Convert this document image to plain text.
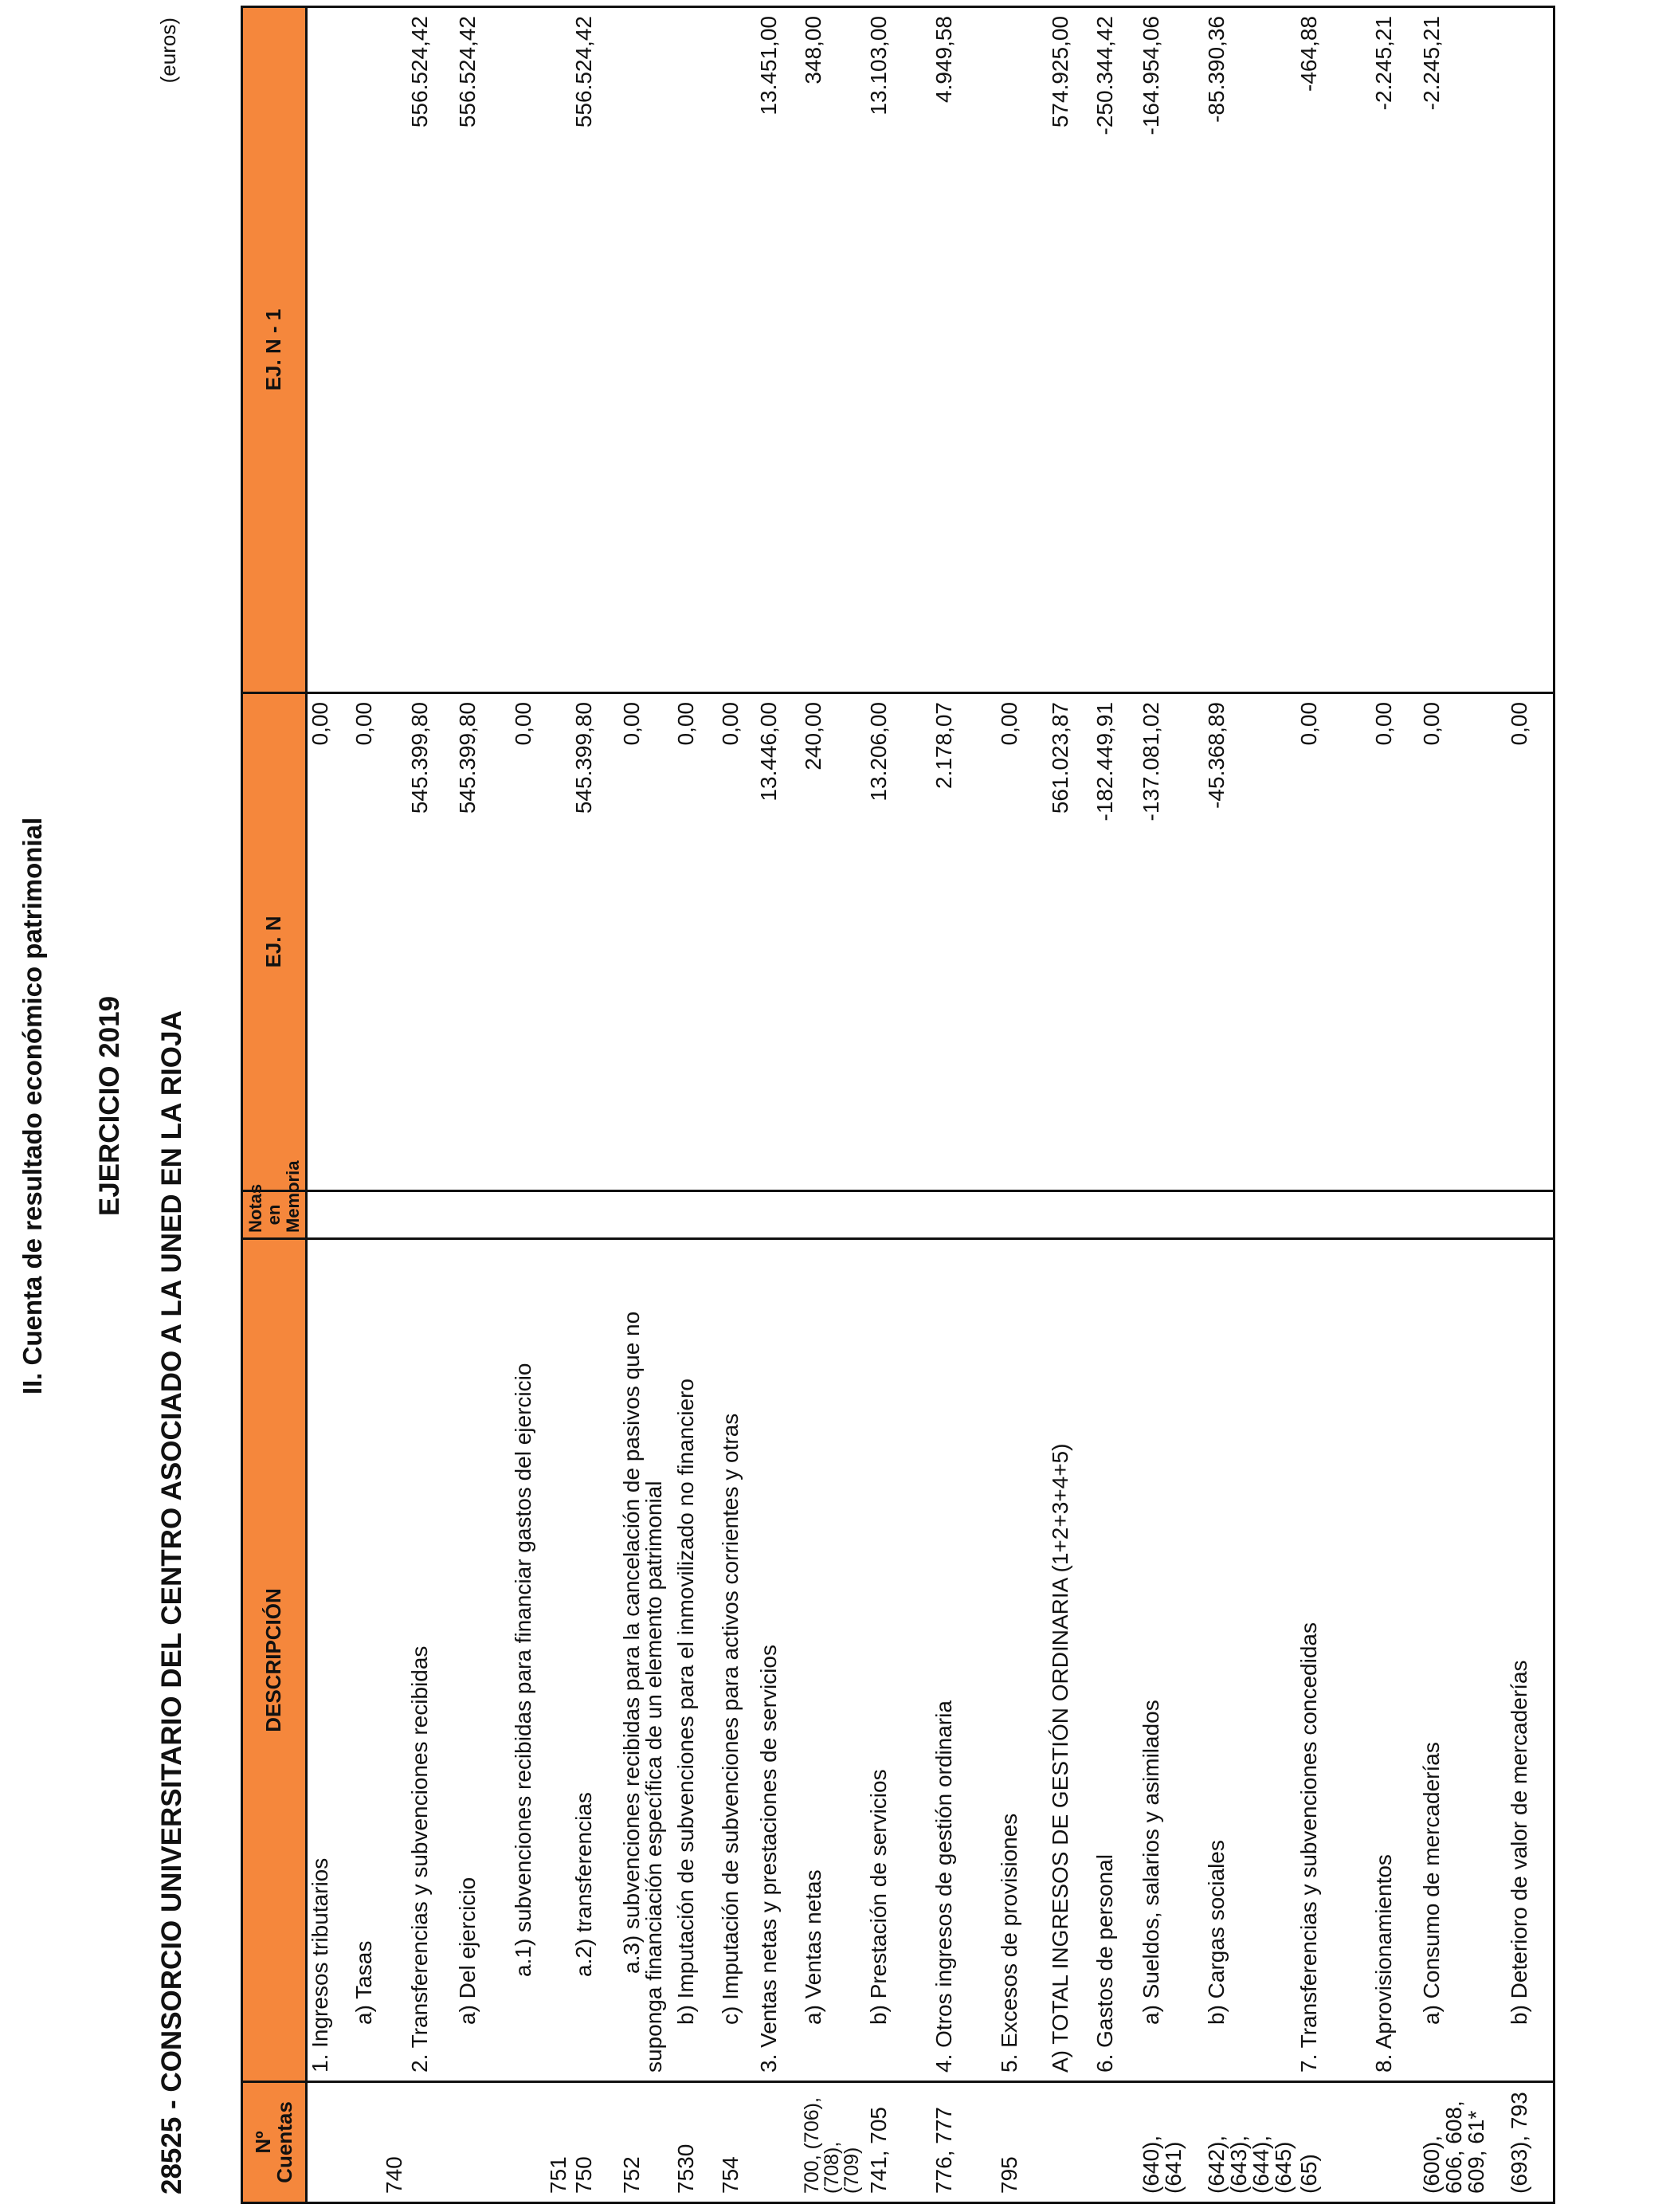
II. Cuenta de resultado económico patrimonial EJERCICIO 2019 28525 - CONSORCIO UNIVERSITARIO DEL CENTRO ASOCIADO A LA UNED EN LA RIOJA
(euros)
Nº Cuentas	DESCRIPCIÓN	Notas en Memoria	EJ. N	EJ. N - 1
	1. Ingresos tributarios		0,00	
740	a) Tasas		0,00	
	2. Transferencias y subvenciones recibidas		545.399,80	556.524,42
	a) Del ejercicio		545.399,80	556.524,42
751	a.1) subvenciones recibidas para financiar gastos del ejercicio		0,00	
750	a.2) transferencias		545.399,80	556.524,42
752	a.3) subvenciones recibidas para la cancelación de pasivos que no suponga financiación específica de un elemento patrimonial		0,00	
7530	b) Imputación de subvenciones para el inmovilizado no financiero		0,00	
754	c) Imputación de subvenciones para activos corrientes y otras		0,00	
	3. Ventas netas y prestaciones de servicios		13.446,00	13.451,00
700, (706), (708), (709)	a) Ventas netas		240,00	348,00
741, 705	b) Prestación de servicios		13.206,00	13.103,00
776, 777	4. Otros ingresos de gestión ordinaria		2.178,07	4.949,58
795	5. Excesos de provisiones		0,00	
	A) TOTAL INGRESOS DE GESTIÓN ORDINARIA (1+2+3+4+5)		561.023,87	574.925,00
	6. Gastos de personal		-182.449,91	-250.344,42
(640), (641)	a) Sueldos, salarios y asimilados		-137.081,02	-164.954,06
(642), (643), (644), (645)	b) Cargas sociales		-45.368,89	-85.390,36
(65)	7. Transferencias y subvenciones concedidas		0,00	-464,88
	8. Aprovisionamientos		0,00	-2.245,21
(600), 606, 608, 609, 61*	a) Consumo de mercaderías		0,00	-2.245,21
(693), 793	b) Deterioro de valor de mercaderías		0,00	
